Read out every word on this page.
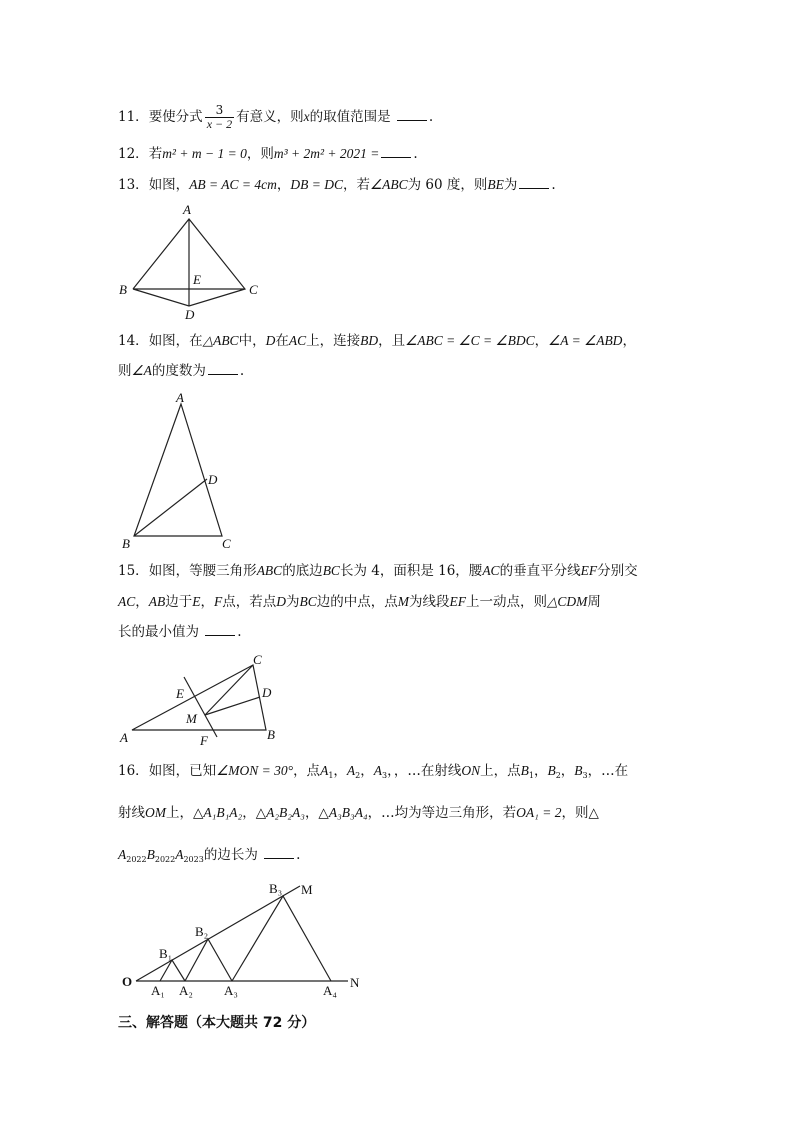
11．要使分式 $\frac{3}{x - 2}$ 有意义，则x的取值范围是	.
12．若m² + m − 1 = 0，则m³ + 2m² + 2021 =	.
13．如图，AB = AC = 4cm，DB = DC，若∠ABC为 60 度，则BE为	.
A
B	C
D
E
14．如图，在△ABC中，D在AC上，连接BD，且∠ABC = ∠C = ∠BDC，∠A = ∠ABD，
则∠A的度数为	.
A
B	C
D
15．如图，等腰三角形ABC的底边BC长为 4，面积是 16，腰AC的垂直平分线EF分别交
AC，AB边于E，F点，若点D为BC边的中点，点M为线段EF上一动点，则△CDM周
长的最小值为	.
A	B
C
D
E
F
M
16．如图，已知∠MON = 30°，点$A_1$，$A_2$，$A_3$，，…在射线ON上，点$B_1$，$B_2$，$B_3$，…在
射线OM上，△A₁B₁A₂，△A₂B₂A₃，△A₃B₃A₄，…均为等边三角形，若OA₁ = 2，则△
$A_{2022}B_{2022}A_{2023}$的边长为	.
O	N
M
A₁ A₂ A₃	A₄
B₁
B₂
B₃
三、解答题（本大题共 72 分）
